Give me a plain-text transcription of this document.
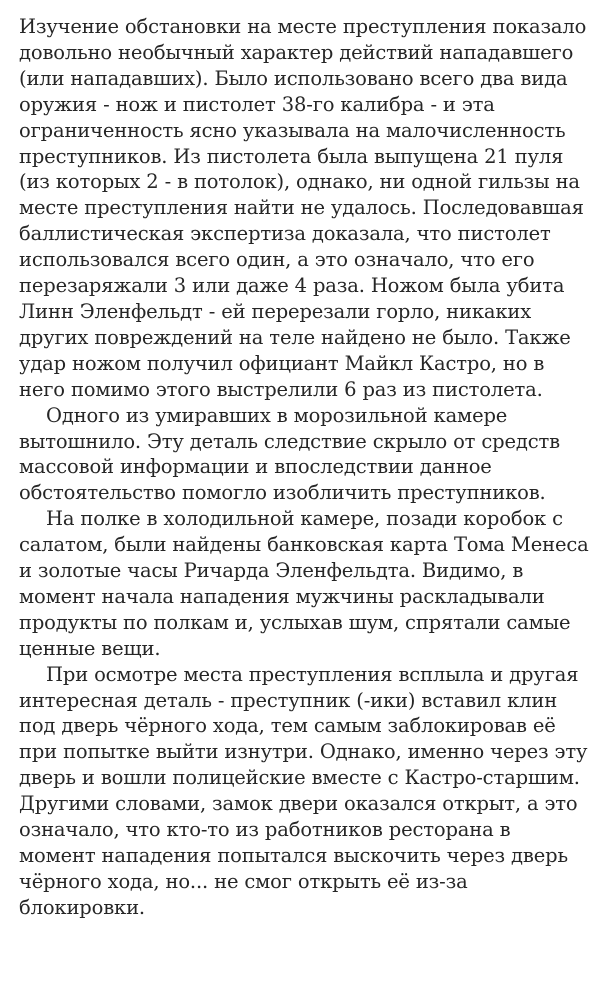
Изучение обстановки на месте преступления показало довольно необычный характер действий нападавшего (или нападавших). Было использовано всего два вида оружия - нож и пистолет 38-го калибра - и эта ограниченность ясно указывала на малочисленность преступников. Из пистолета была выпущена 21 пуля (из которых 2 - в потолок), однако, ни одной гильзы на месте преступления найти не удалось. Последовавшая баллистическая экспертиза доказала, что пистолет использовался всего один, а это означало, что его перезаряжали 3 или даже 4 раза. Ножом была убита Линн Эленфельдт - ей перерезали горло, никаких других повреждений на теле найдено не было. Также удар ножом получил официант Майкл Кастро, но в него помимо этого выстрелили 6 раз из пистолета.

Одного из умиравших в морозильной камере вытошнило. Эту деталь следствие скрыло от средств массовой информации и впоследствии данное обстоятельство помогло изобличить преступников.

На полке в холодильной камере, позади коробок с салатом, были найдены банковская карта Тома Менеса и золотые часы Ричарда Эленфельдта. Видимо, в момент начала нападения мужчины раскладывали продукты по полкам и, услыхав шум, спрятали самые ценные вещи.

При осмотре места преступления всплыла и другая интересная деталь - преступник (-ики) вставил клин под дверь чёрного хода, тем самым заблокировав её при попытке выйти изнутри. Однако, именно через эту дверь и вошли полицейские вместе с Кастро-старшим. Другими словами, замок двери оказался открыт, а это означало, что кто-то из работников ресторана в момент нападения попытался выскочить через дверь чёрного хода, но... не смог открыть её из-за блокировки.
